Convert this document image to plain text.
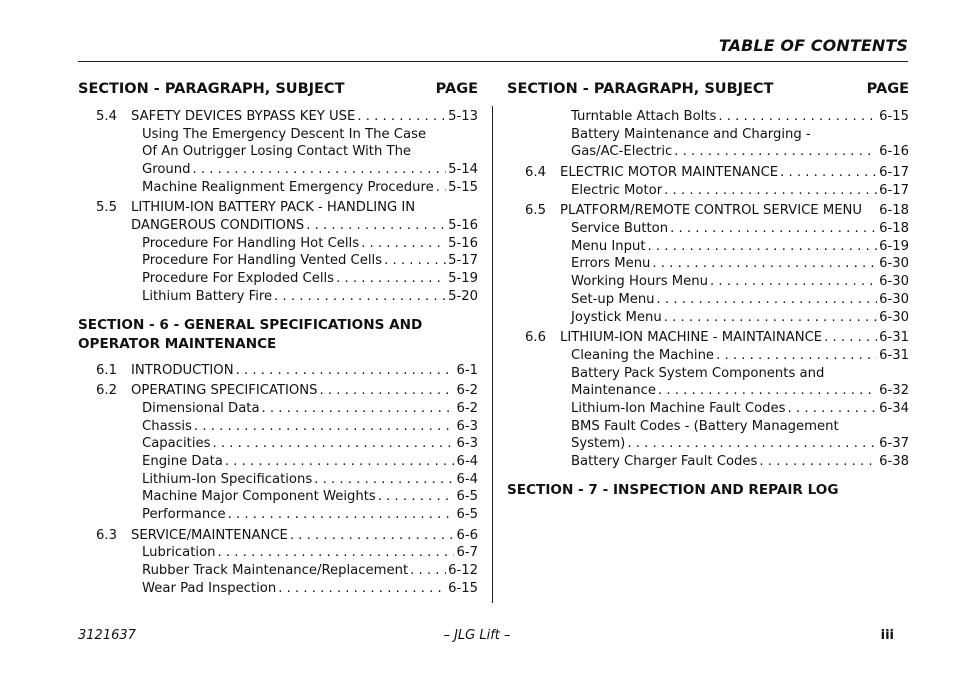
TABLE OF CONTENTS
SECTION - PARAGRAPH, SUBJECT	PAGE
5.4	SAFETY DEVICES BYPASS KEY USE . . .	5-13
Using The Emergency Descent In The Case
Of An Outrigger Losing Contact With The
Ground . . .	5-14
Machine Realignment Emergency Procedure . . . 5-15
5.5	LITHIUM-ION BATTERY PACK - HANDLING IN
DANGEROUS CONDITIONS . . .	5-16
Procedure For Handling Hot Cells . . .	5-16
Procedure For Handling Vented Cells . . .	5-17
Procedure For Exploded Cells . . .	5-19
Lithium Battery Fire . . .	5-20
SECTION - 6 - GENERAL SPECIFICATIONS AND OPERATOR MAINTENANCE
6.1	INTRODUCTION . . .	6-1
6.2	OPERATING SPECIFICATIONS . . .	6-2
Dimensional Data . . .	6-2
Chassis . . .	6-3
Capacities . . .	6-3
Engine Data . . .	6-4
Lithium-Ion Specifications . . .	6-4
Machine Major Component Weights . . .	6-5
Performance . . .	6-5
6.3	SERVICE/MAINTENANCE . . .	6-6
Lubrication . . .	6-7
Rubber Track Maintenance/Replacement . . .	6-12
Wear Pad Inspection . . .	6-15
SECTION - PARAGRAPH, SUBJECT	PAGE
Turntable Attach Bolts . . .	6-15
Battery Maintenance and Charging -
Gas/AC-Electric . . .	6-16
6.4	ELECTRIC MOTOR MAINTENANCE . . .	6-17
Electric Motor . . .	6-17
6.5	PLATFORM/REMOTE CONTROL SERVICE MENU 6-18
Service Button . . .	6-18
Menu Input . . .	6-19
Errors Menu . . .	6-30
Working Hours Menu . . .	6-30
Set-up Menu . . .	6-30
Joystick Menu . . .	6-30
6.6	LITHIUM-ION MACHINE - MAINTAINANCE . . .	6-31
Cleaning the Machine . . .	6-31
Battery Pack System Components and
Maintenance . . .	6-32
Lithium-Ion Machine Fault Codes . . .	6-34
BMS Fault Codes - (Battery Management
System) . . .	6-37
Battery Charger Fault Codes . . .	6-38
SECTION - 7 - INSPECTION AND REPAIR LOG
3121637	– JLG Lift –	iii
